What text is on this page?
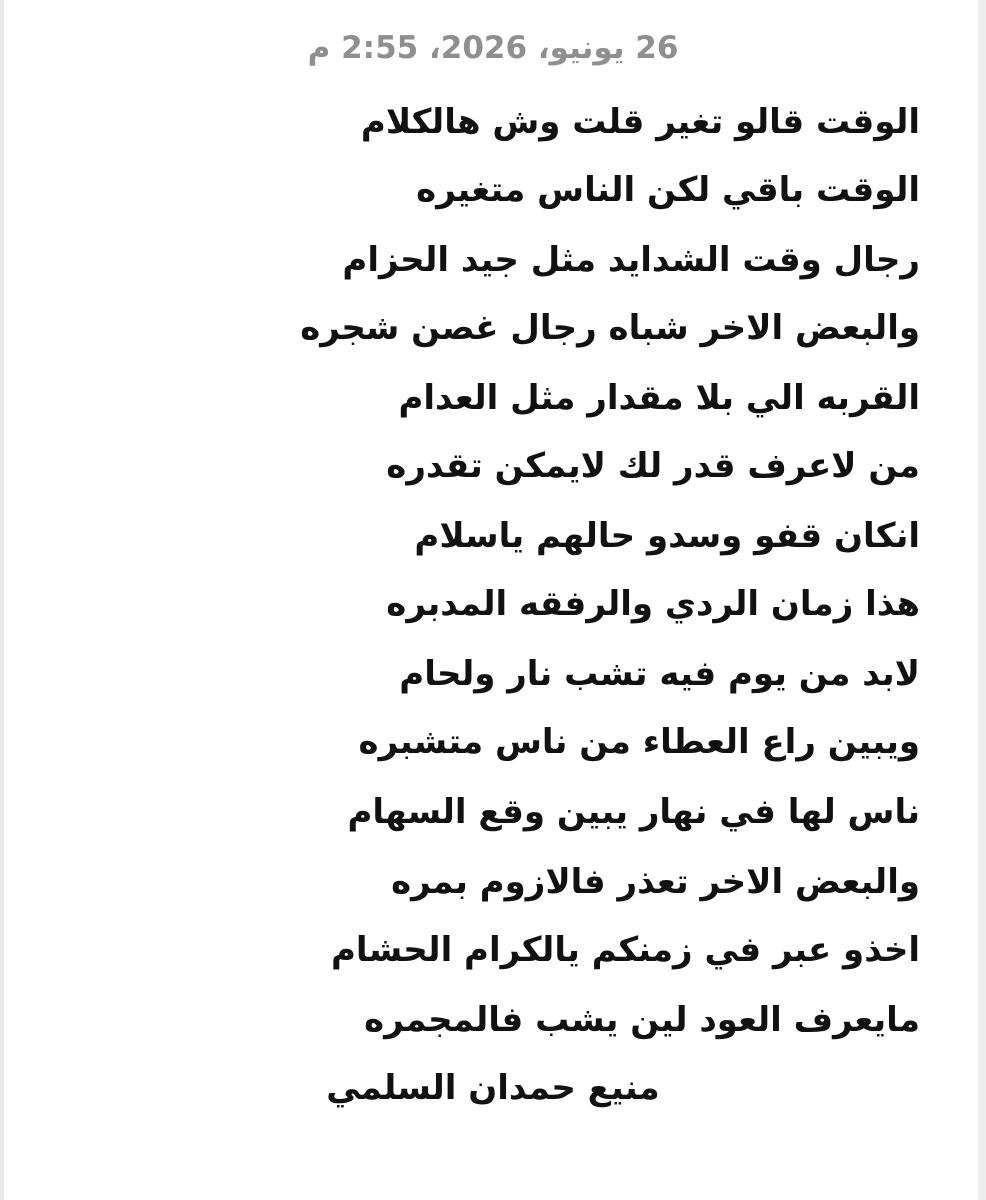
26 يونيو، 2026، 2:55 م
الوقت قالو تغير قلت وش هالكلام
الوقت باقي لكن الناس متغيره
رجال وقت الشدايد مثل جيد الحزام
والبعض الاخر شباه رجال غصن شجره
القربه الي بلا مقدار مثل العدام
من لاعرف قدر لك لايمكن تقدره
انكان قفو وسدو حالهم ياسلام
هذا زمان الردي والرفقه المدبره
لابد من يوم فيه تشب نار ولحام
ويبين راع العطاء من ناس متشبره
ناس لها في نهار يبين وقع السهام
والبعض الاخر تعذر فالازوم بمره
اخذو عبر في زمنكم يالكرام الحشام
مايعرف العود لين يشب فالمجمره
منيع حمدان السلمي
